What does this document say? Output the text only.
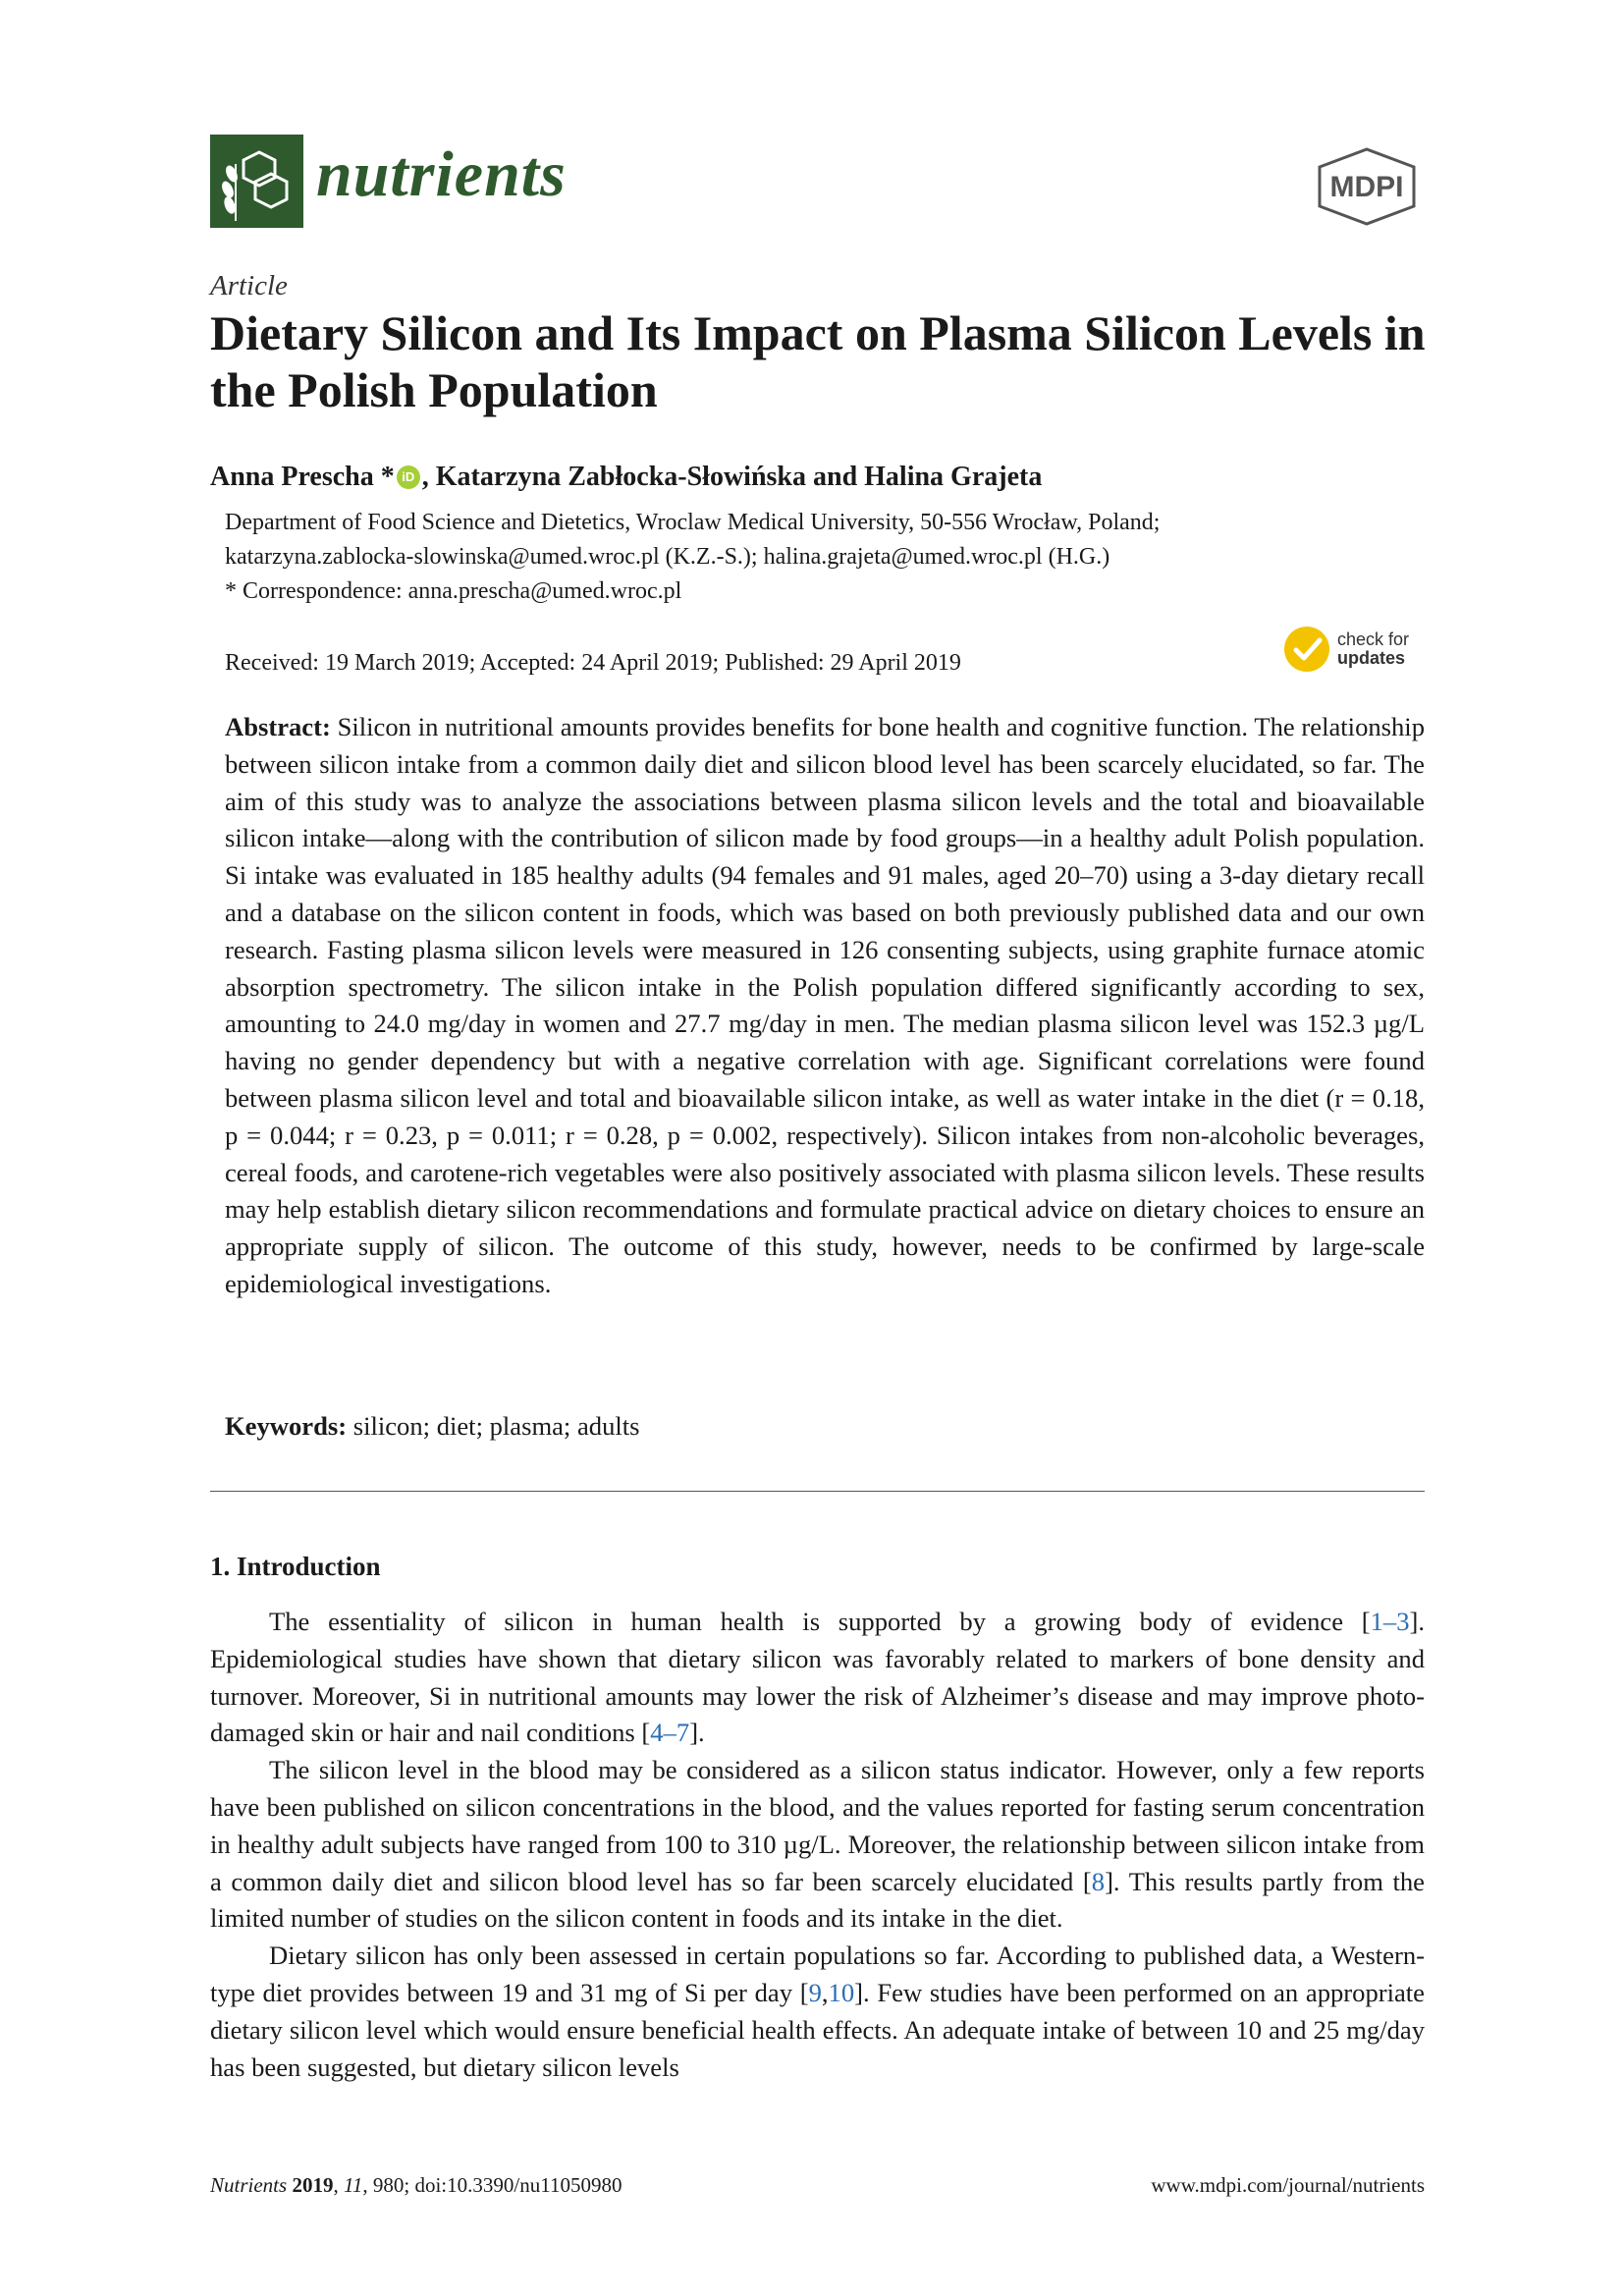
nutrients	MDPI
Article
Dietary Silicon and Its Impact on Plasma Silicon Levels in the Polish Population
Anna Prescha * iD , Katarzyna Zabłocka-Słowińska and Halina Grajeta
Department of Food Science and Dietetics, Wroclaw Medical University, 50-556 Wrocław, Poland;
katarzyna.zablocka-slowinska@umed.wroc.pl (K.Z.-S.); halina.grajeta@umed.wroc.pl (H.G.)
* Correspondence: anna.prescha@umed.wroc.pl
Received: 19 March 2019; Accepted: 24 April 2019; Published: 29 April 2019
check for
updates
Abstract: Silicon in nutritional amounts provides benefits for bone health and cognitive function. The relationship between silicon intake from a common daily diet and silicon blood level has been scarcely elucidated, so far. The aim of this study was to analyze the associations between plasma silicon levels and the total and bioavailable silicon intake—along with the contribution of silicon made by food groups—in a healthy adult Polish population. Si intake was evaluated in 185 healthy adults (94 females and 91 males, aged 20–70) using a 3-day dietary recall and a database on the silicon content in foods, which was based on both previously published data and our own research. Fasting plasma silicon levels were measured in 126 consenting subjects, using graphite furnace atomic absorption spectrometry. The silicon intake in the Polish population differed significantly according to sex, amounting to 24.0 mg/day in women and 27.7 mg/day in men. The median plasma silicon level was 152.3 µg/L having no gender dependency but with a negative correlation with age. Significant correlations were found between plasma silicon level and total and bioavailable silicon intake, as well as water intake in the diet (r = 0.18, p = 0.044; r = 0.23, p = 0.011; r = 0.28, p = 0.002, respectively). Silicon intakes from non-alcoholic beverages, cereal foods, and carotene-rich vegetables were also positively associated with plasma silicon levels. These results may help establish dietary silicon recommendations and formulate practical advice on dietary choices to ensure an appropriate supply of silicon. The outcome of this study, however, needs to be confirmed by large-scale epidemiological investigations.
Keywords: silicon; diet; plasma; adults
1. Introduction

The essentiality of silicon in human health is supported by a growing body of evidence [1–3]. Epidemiological studies have shown that dietary silicon was favorably related to markers of bone density and turnover. Moreover, Si in nutritional amounts may lower the risk of Alzheimer’s disease and may improve photo-damaged skin or hair and nail conditions [4–7].

The silicon level in the blood may be considered as a silicon status indicator. However, only a few reports have been published on silicon concentrations in the blood, and the values reported for fasting serum concentration in healthy adult subjects have ranged from 100 to 310 µg/L. Moreover, the relationship between silicon intake from a common daily diet and silicon blood level has so far been scarcely elucidated [8]. This results partly from the limited number of studies on the silicon content in foods and its intake in the diet.

Dietary silicon has only been assessed in certain populations so far. According to published data, a Western-type diet provides between 19 and 31 mg of Si per day [9,10]. Few studies have been performed on an appropriate dietary silicon level which would ensure beneficial health effects. An adequate intake of between 10 and 25 mg/day has been suggested, but dietary silicon levels

Nutrients 2019, 11, 980; doi:10.3390/nu11050980	www.mdpi.com/journal/nutrients
